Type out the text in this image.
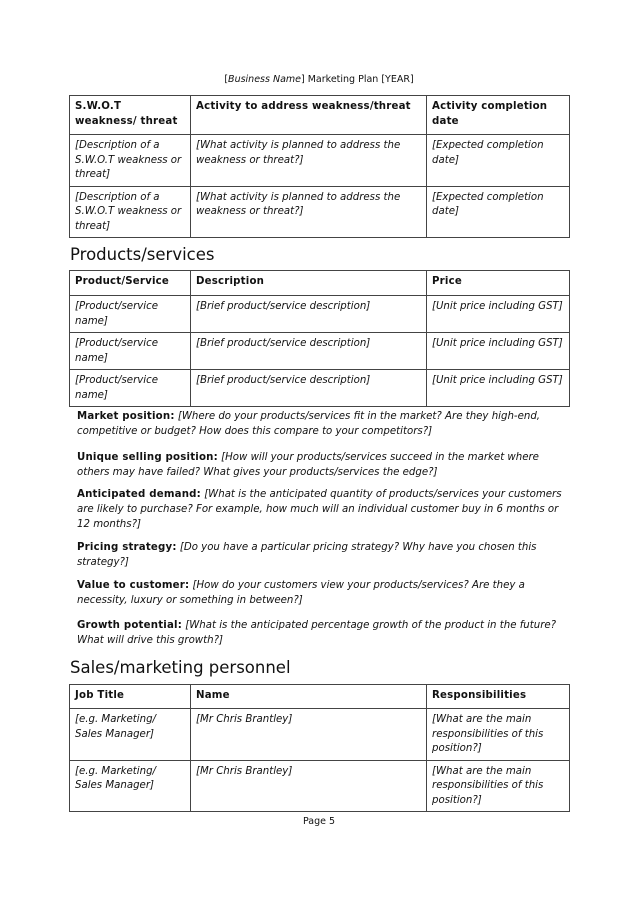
[Business Name] Marketing Plan [YEAR]
S.W.O.T weakness/ threat	Activity to address weakness/threat	Activity completion date
[Description of a S.W.O.T weakness or threat]	[What activity is planned to address the weakness or threat?]	[Expected completion date]
[Description of a S.W.O.T weakness or threat]	[What activity is planned to address the weakness or threat?]	[Expected completion date]
Products/services
Product/Service	Description	Price
[Product/service name]	[Brief product/service description]	[Unit price including GST]
[Product/service name]	[Brief product/service description]	[Unit price including GST]
[Product/service name]	[Brief product/service description]	[Unit price including GST]

Market position: [Where do your products/services fit in the market? Are they high-end, competitive or budget? How does this compare to your competitors?]

Unique selling position: [How will your products/services succeed in the market where others may have failed? What gives your products/services the edge?]

Anticipated demand: [What is the anticipated quantity of products/services your customers are likely to purchase? For example, how much will an individual customer buy in 6 months or 12 months?]

Pricing strategy: [Do you have a particular pricing strategy? Why have you chosen this strategy?]

Value to customer: [How do your customers view your products/services? Are they a necessity, luxury or something in between?]

Growth potential: [What is the anticipated percentage growth of the product in the future? What will drive this growth?]

Sales/marketing personnel
Job Title	Name	Responsibilities
[e.g. Marketing/ Sales Manager]	[Mr Chris Brantley]	[What are the main responsibilities of this position?]
[e.g. Marketing/ Sales Manager]	[Mr Chris Brantley]	[What are the main responsibilities of this position?]
Page 5
